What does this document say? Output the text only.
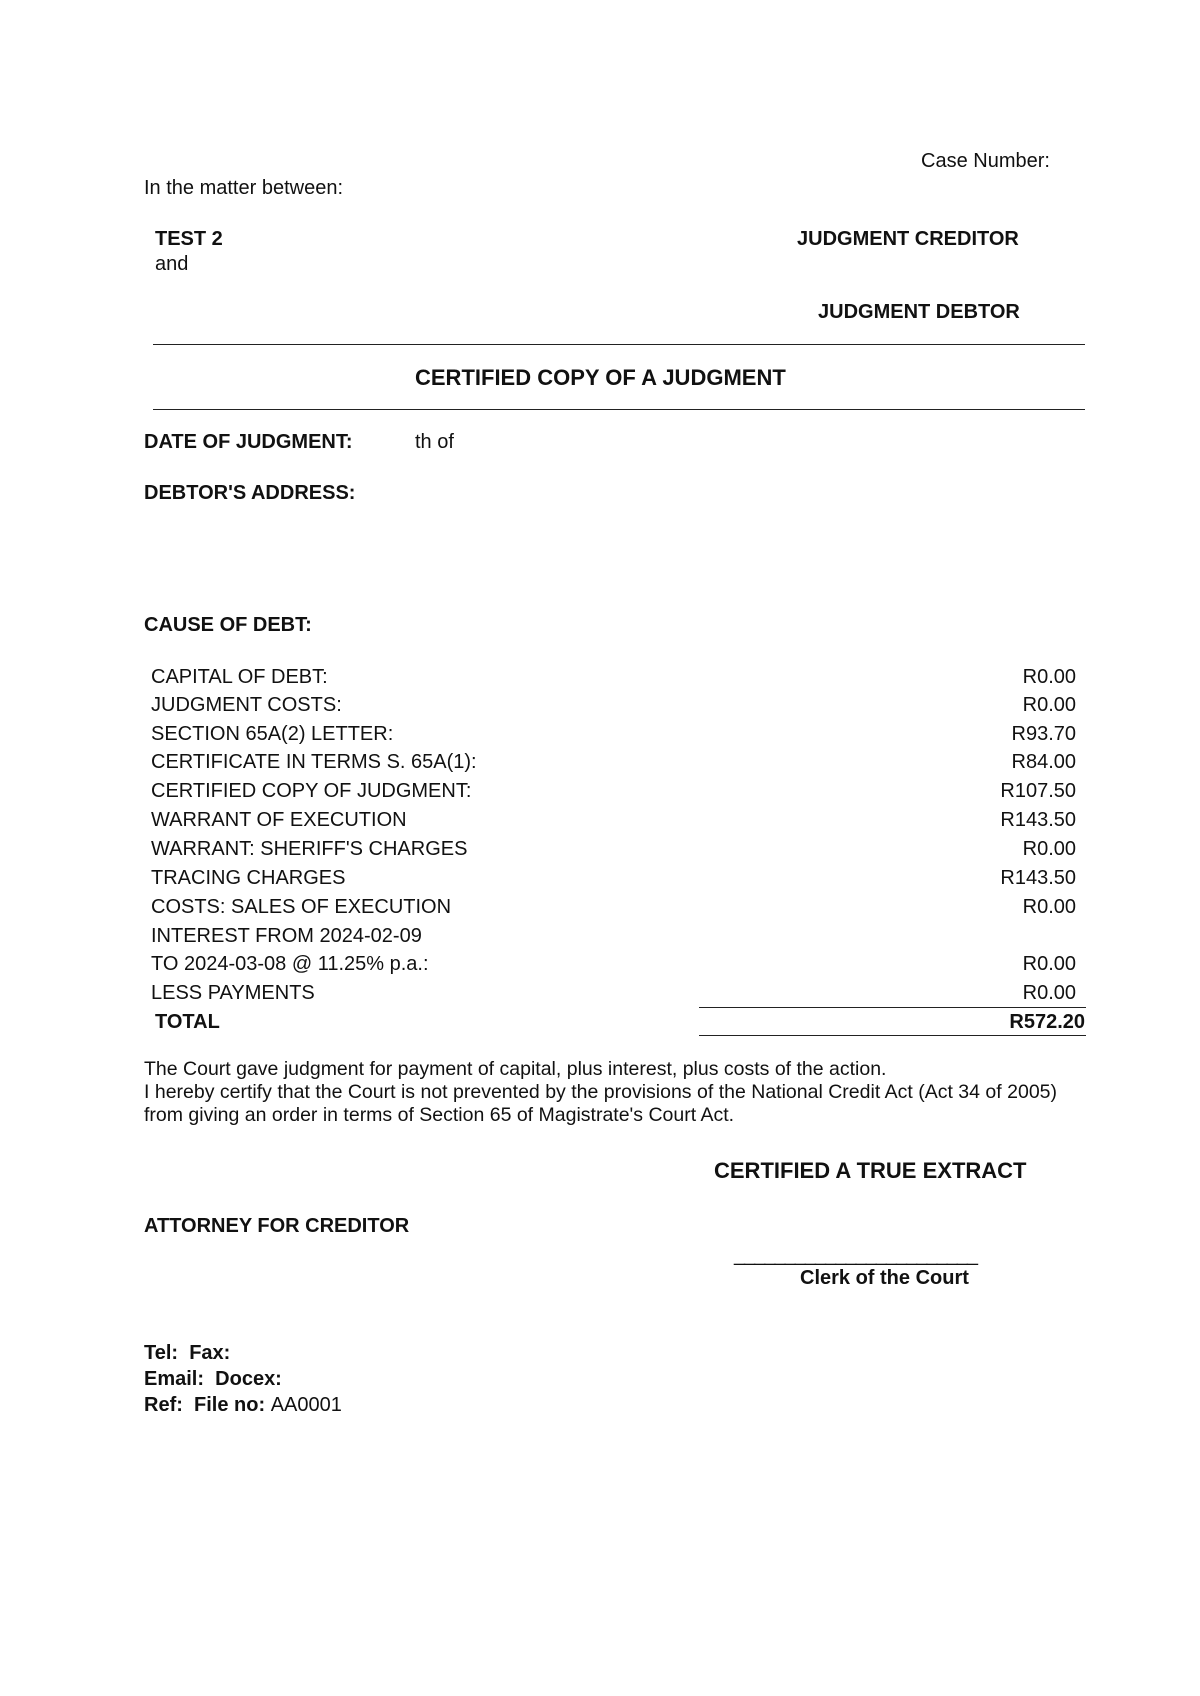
Case Number:
In the matter between:
TEST 2	JUDGMENT CREDITOR
and
JUDGMENT DEBTOR
CERTIFIED COPY OF A JUDGMENT
DATE OF JUDGMENT:	th of
DEBTOR'S ADDRESS:
CAUSE OF DEBT:
CAPITAL OF DEBT:	R0.00
JUDGMENT COSTS:	R0.00
SECTION 65A(2) LETTER:	R93.70
CERTIFICATE IN TERMS S. 65A(1):	R84.00
CERTIFIED COPY OF JUDGMENT:	R107.50
WARRANT OF EXECUTION	R143.50
WARRANT: SHERIFF'S CHARGES	R0.00
TRACING CHARGES	R143.50
COSTS: SALES OF EXECUTION	R0.00
INTEREST FROM 2024-02-09
TO 2024-03-08 @ 11.25% p.a.:	R0.00
LESS PAYMENTS	R0.00
TOTAL	R572.20

The Court gave judgment for payment of capital, plus interest, plus costs of the action.

I hereby certify that the Court is not prevented by the provisions of the National Credit Act (Act 34 of 2005) from giving an order in terms of Section 65 of Magistrate's Court Act.

CERTIFIED A TRUE EXTRACT
ATTORNEY FOR CREDITOR
________________________
Clerk of the Court
Tel: Fax:
Email: Docex:
Ref: File no: AA0001
